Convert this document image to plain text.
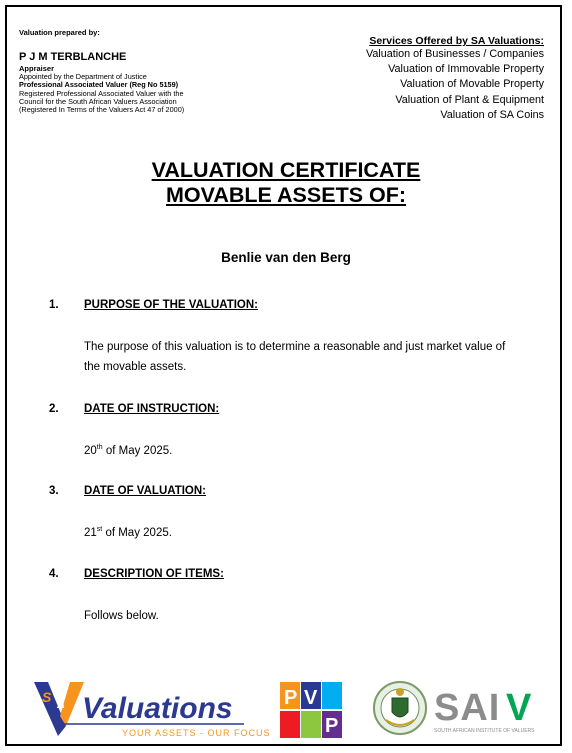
Valuation prepared by:
P J M TERBLANCHE
Appraiser
Appointed by the Department of Justice
Professional Associated Valuer (Reg No 5159)
Registered Professional Associated Valuer with the
Council for the South African Valuers Association
(Registered In Terms of the Valuers Act 47 of 2000)
Services Offered by SA Valuations:
Valuation of Businesses / Companies
Valuation of Immovable Property
Valuation of Movable Property
Valuation of Plant & Equipment
Valuation of SA Coins
VALUATION CERTIFICATE
MOVABLE ASSETS OF:
Benlie van den Berg
1. PURPOSE OF THE VALUATION:
The purpose of this valuation is to determine a reasonable and just market value of the movable assets.
2. DATE OF INSTRUCTION:
20th of May 2025.
3. DATE OF VALUATION:
21st of May 2025.
4. DESCRIPTION OF ITEMS:
Follows below.
S A Valuations
YOUR ASSETS - OUR FOCUS
P V
P	SAI V
SOUTH AFRICAN INSTITUTE OF VALUERS
